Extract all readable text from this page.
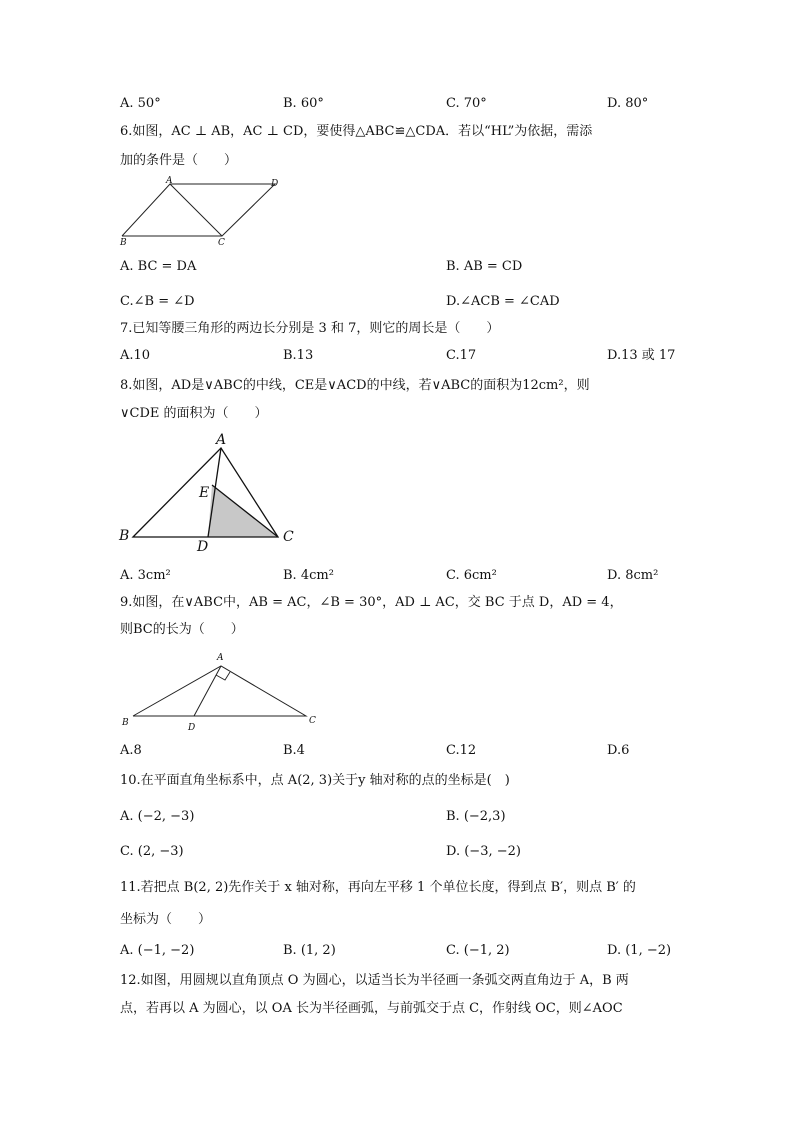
A. 50°	B. 60°	C. 70°	D. 80°
6.如图，AC ⊥ AB，AC ⊥ CD，要使得△ABC≌△CDA．若以“HL”为依据，需添
加的条件是（　　）
A
B	C
D
A. BC = DA	B. AB = CD
C.∠B = ∠D	D.∠ACB = ∠CAD
7.已知等腰三角形的两边长分别是 3 和 7，则它的周长是（　　）
A.10	B.13	C.17	D.13 或 17
8.如图，AD是∨ABC的中线，CE是∨ACD的中线，若∨ABC的面积为12cm²，则
∨CDE 的面积为（　　）
A
B	C
D
E
A. 3cm²	B. 4cm²	C. 6cm²	D. 8cm²
9.如图，在∨ABC中，AB = AC，∠B = 30°，AD ⊥ AC，交 BC 于点 D，AD = 4，
则BC的长为（　　）
A
B	C
D
A.8	B.4	C.12	D.6
10.在平面直角坐标系中，点 A(2, 3)关于y 轴对称的点的坐标是(　)
A. (−2, −3)	B. (−2,3)
C. (2, −3)	D. (−3, −2)
11.若把点 B(2, 2)先作关于 x 轴对称，再向左平移 1 个单位长度，得到点 B′，则点 B′ 的
坐标为（　　）
A. (−1, −2)	B. (1, 2)	C. (−1, 2)	D. (1, −2)
12.如图，用圆规以直角顶点 O 为圆心，以适当长为半径画一条弧交两直角边于 A，B 两
点，若再以 A 为圆心，以 OA 长为半径画弧，与前弧交于点 C，作射线 OC，则∠AOC
